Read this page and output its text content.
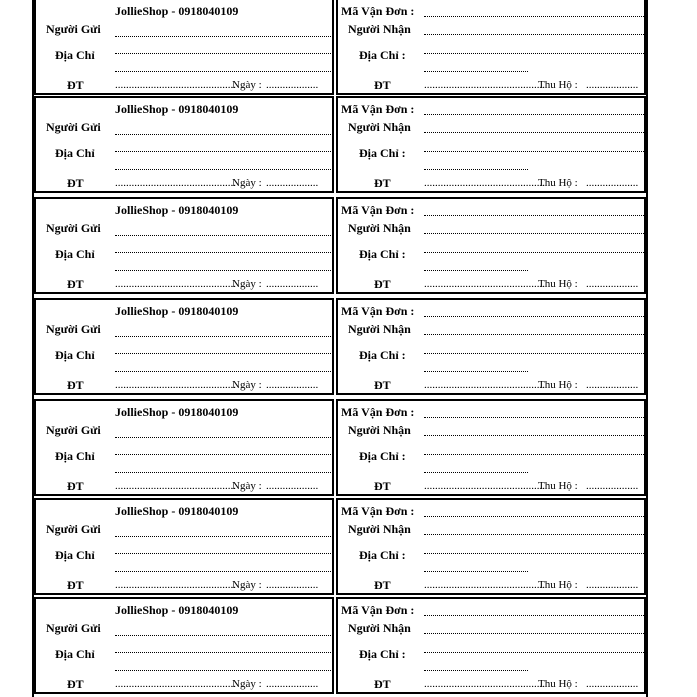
JollieShop - 0918040109
Người Gửi
Địa Chỉ
ĐT	............................................
Ngày : ...................
Mã Vận Đơn :
Người Nhận
Địa Chỉ :
ĐT	............................................
Thu Hộ : ...................
JollieShop - 0918040109
Người Gửi
Địa Chỉ
ĐT	............................................
Ngày : ...................
Mã Vận Đơn :
Người Nhận
Địa Chỉ :
ĐT	............................................
Thu Hộ : ...................
JollieShop - 0918040109
Người Gửi
Địa Chỉ
ĐT	............................................
Ngày : ...................
Mã Vận Đơn :
Người Nhận
Địa Chỉ :
ĐT	............................................
Thu Hộ : ...................
JollieShop - 0918040109
Người Gửi
Địa Chỉ
ĐT	............................................
Ngày : ...................
Mã Vận Đơn :
Người Nhận
Địa Chỉ :
ĐT	............................................
Thu Hộ : ...................
JollieShop - 0918040109
Người Gửi
Địa Chỉ
ĐT	............................................
Ngày : ...................
Mã Vận Đơn :
Người Nhận
Địa Chỉ :
ĐT	............................................
Thu Hộ : ...................
JollieShop - 0918040109
Người Gửi
Địa Chỉ
ĐT	............................................
Ngày : ...................
Mã Vận Đơn :
Người Nhận
Địa Chỉ :
ĐT	............................................
Thu Hộ : ...................
JollieShop - 0918040109
Người Gửi
Địa Chỉ
ĐT	............................................
Ngày : ...................
Mã Vận Đơn :
Người Nhận
Địa Chỉ :
ĐT	............................................
Thu Hộ : ...................
